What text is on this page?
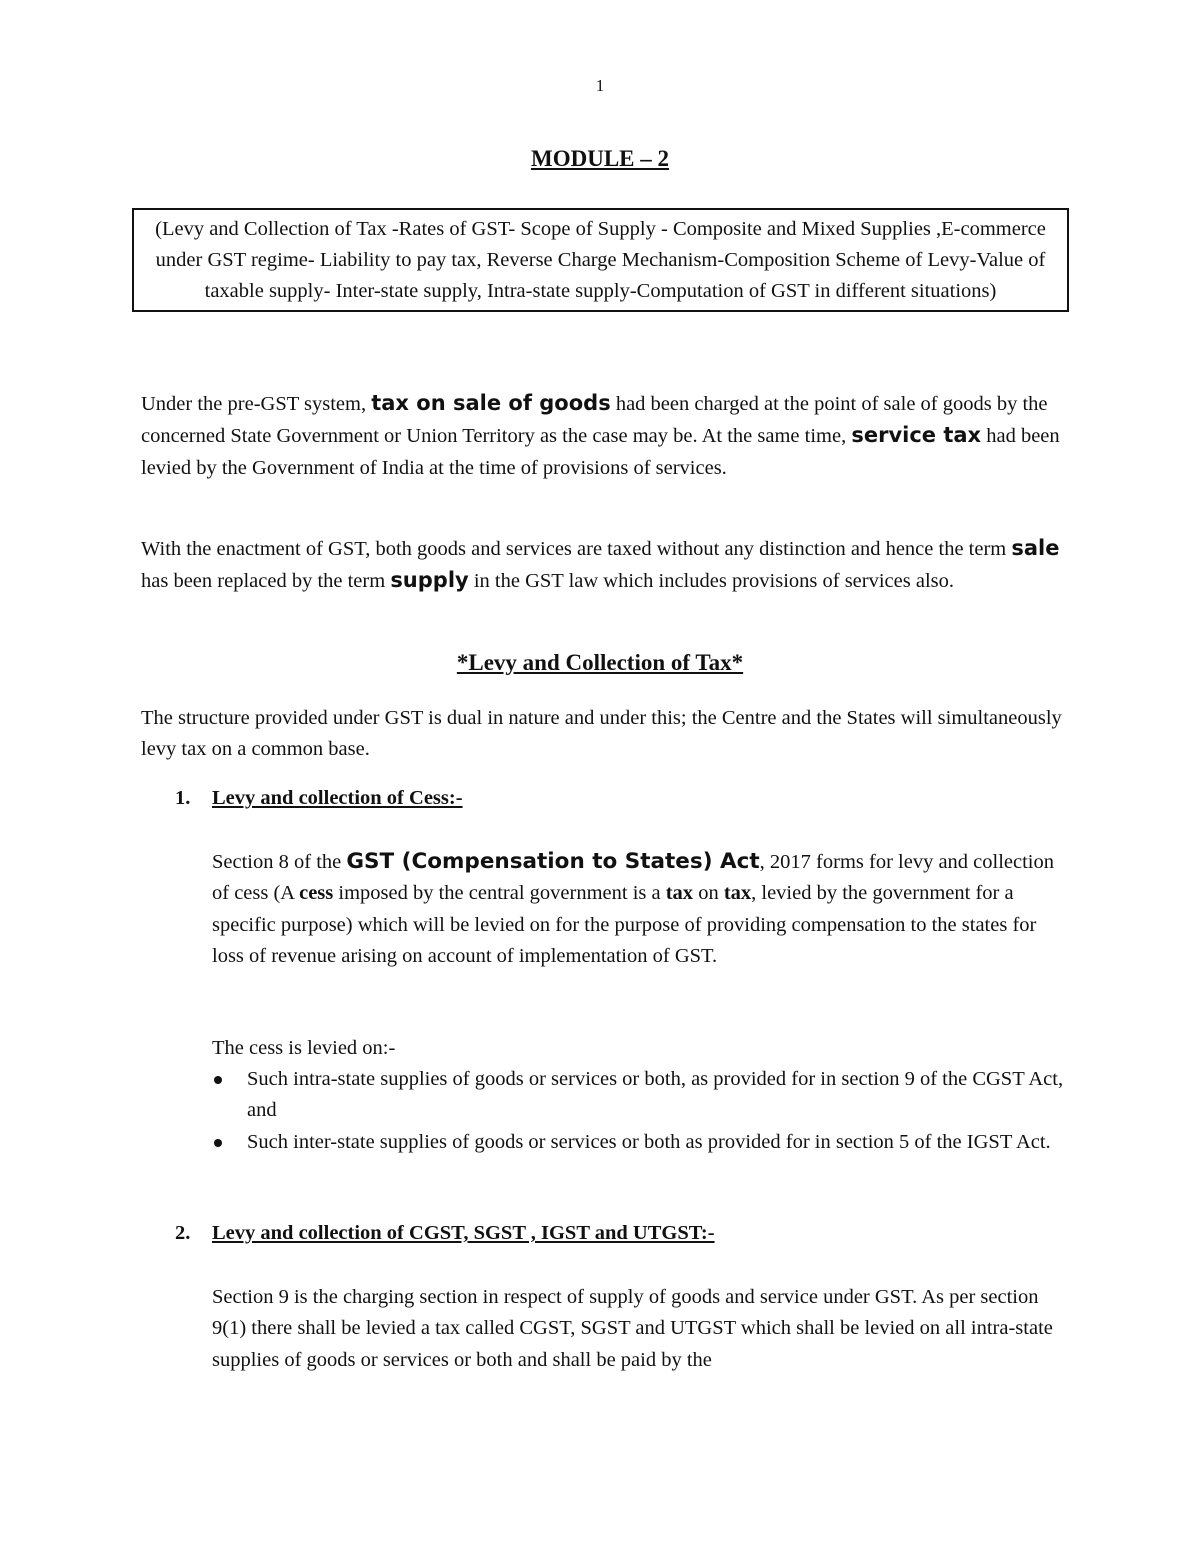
1
MODULE – 2
(Levy and Collection of Tax -Rates of GST- Scope of Supply - Composite and Mixed Supplies ,E-commerce under GST regime- Liability to pay tax, Reverse Charge Mechanism-Composition Scheme of Levy-Value of taxable supply- Inter-state supply, Intra-state supply-Computation of GST in different situations)
Under the pre-GST system, tax on sale of goods had been charged at the point of sale of goods by the concerned State Government or Union Territory as the case may be. At the same time, service tax had been levied by the Government of India at the time of provisions of services.
With the enactment of GST, both goods and services are taxed without any distinction and hence the term sale has been replaced by the term supply in the GST law which includes provisions of services also.
*Levy and Collection of Tax*
The structure provided under GST is dual in nature and under this; the Centre and the States will simultaneously levy tax on a common base.
1. Levy and collection of Cess:-
Section 8 of the GST (Compensation to States) Act, 2017 forms for levy and collection of cess (A cess imposed by the central government is a tax on tax, levied by the government for a specific purpose) which will be levied on for the purpose of providing compensation to the states for loss of revenue arising on account of implementation of GST.
The cess is levied on:-
Such intra-state supplies of goods or services or both, as provided for in section 9 of the CGST Act, and
Such inter-state supplies of goods or services or both as provided for in section 5 of the IGST Act.
2. Levy and collection of CGST, SGST , IGST and UTGST:-
Section 9 is the charging section in respect of supply of goods and service under GST. As per section 9(1) there shall be levied a tax called CGST, SGST and UTGST which shall be levied on all intra-state supplies of goods or services or both and shall be paid by the
